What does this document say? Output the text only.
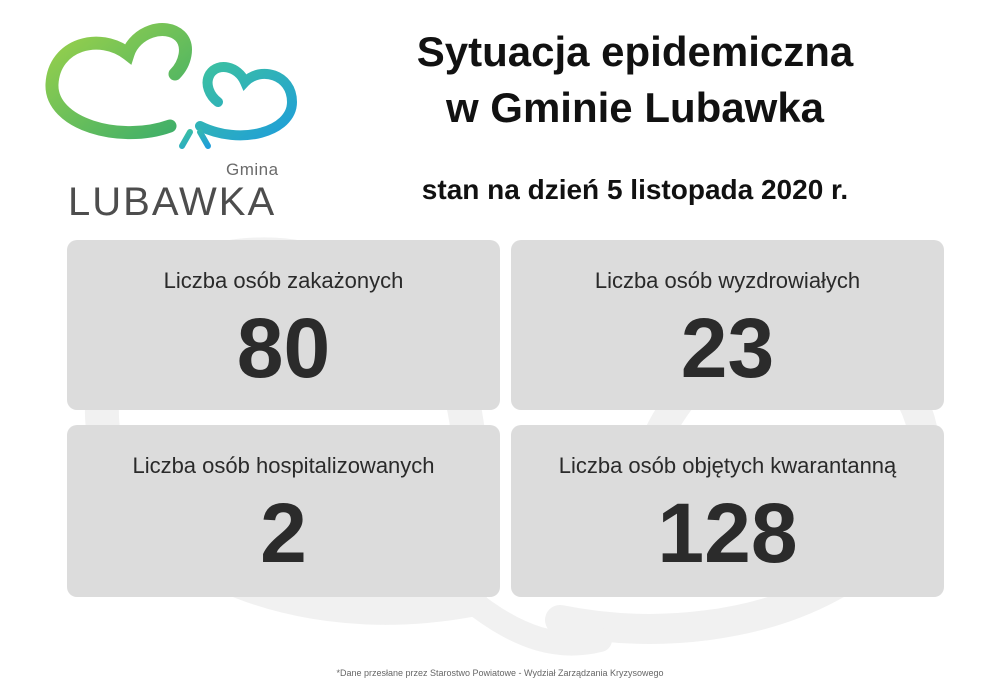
Gmina
LUBAWKA
Sytuacja epidemiczna
w Gminie Lubawka
stan na dzień 5 listopada 2020 r.
Liczba osób zakażonych
80
Liczba osób wyzdrowiałych
23
Liczba osób hospitalizowanych
2
Liczba osób objętych kwarantanną
128
*Dane przesłane przez Starostwo Powiatowe - Wydział Zarządzania Kryzysowego
